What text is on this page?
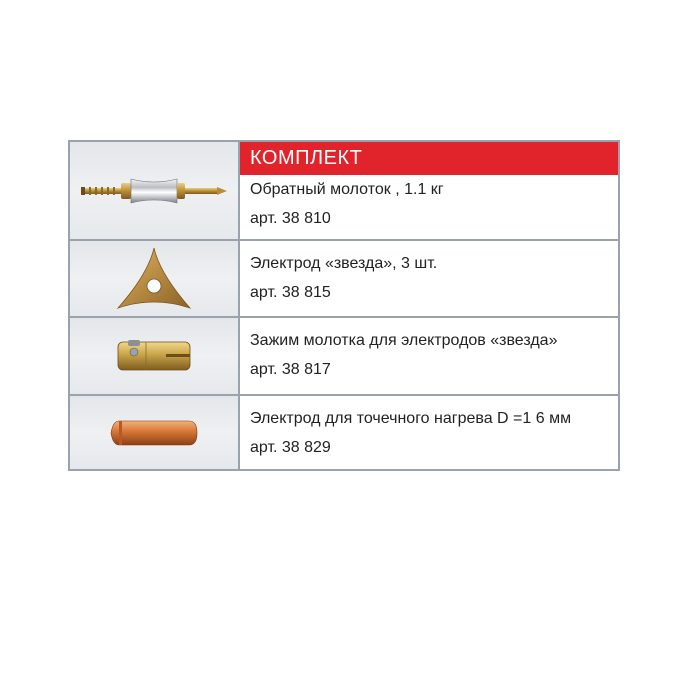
КОМПЛЕКТ
Обратный молоток , 1.1 кг
арт. 38 810
Электрод «звезда», 3 шт.
арт. 38 815
Зажим молотка для электродов «звезда»
арт. 38 817
Электрод для точечного нагрева D =1 6 мм
арт. 38 829
